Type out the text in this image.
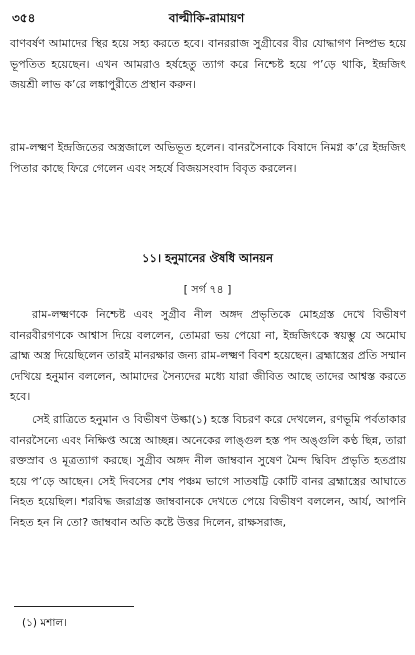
৩৫৪	বাল্মীকি-রামায়ণ

বাণবর্ষণ আমাদের স্থির হয়ে সহ্য করতে হবে। বানররাজ সুগ্রীবের বীর যোদ্ধাগণ নিষ্প্রভ হয়ে ভূপতিত হয়েছেন। এখন আমরাও হর্ষহেতু ত্যাগ করে নিশ্চেষ্ট হয়ে প’ড়ে থাকি, ইন্দ্রজিৎ জয়শ্রী লাভ ক’রে লঙ্কাপুরীতে প্রস্থান করুন।

রাম-লক্ষ্মণ ইন্দ্রজিতের অস্ত্রজালে অভিভূত হলেন। বানরসৈনাকে বিষাদে নিমগ্ন ক’রে ইন্দ্রজিৎ পিতার কাছে ফিরে গেলেন এবং সহর্ষে বিজয়সংবাদ বিবৃত করলেন।

১১। হনুমানের ঔষধি আনয়ন
[ সর্গ ৭৪ ]

রাম-লক্ষ্মণকে নিশ্চেষ্ট এবং সুগ্রীব নীল অঙ্গদ প্রভৃতিকে মোহগ্রস্ত দেখে বিভীষণ বানরবীরগণকে আশ্বাস দিয়ে বললেন, তোমরা ভয় পেয়ো না, ইন্দ্রজিৎকে স্বয়ম্ভু যে অমোঘ ব্রাহ্ম অস্ত্র দিয়েছিলেন তারই মানরক্ষার জন্য রাম-লক্ষ্মণ বিবশ হয়েছেন। ব্রহ্মাস্ত্রের প্রতি সম্মান দেখিয়ে হনুমান বললেন, আমাদের সৈন্যদের মধ্যে যারা জীবিত আছে তাদের আশ্বস্ত করতে হবে।

সেই রাত্রিতে হনুমান ও বিভীষণ উল্কা(১) হস্তে বিচরণ করে দেখলেন, রণভূমি পর্বতাকার বানরসৈন্যে এবং নিক্ষিপ্ত অস্ত্রে আচ্ছন্ন। অনেকের লাঙ্গুল হস্ত পদ অঙ্গুলি কণ্ঠ ছিন্ন, তারা রক্তস্রাব ও মূত্রত্যাগ করছে। সুগ্রীব অঙ্গদ নীল জাম্ববান সুষেণ মৈন্দ দ্বিবিদ প্রভৃতি হতপ্রায় হয়ে প’ড়ে আছেন। সেই দিবসের শেষ পঞ্চম ভাগে সাতষট্টি কোটি বানর ব্রহ্মাস্ত্রের আঘাতে নিহত হয়েছিল। শরবিদ্ধ জরাগ্রস্ত জাম্ববানকে দেখতে পেয়ে বিভীষণ বললেন, আর্য, আপনি নিহত হন নি তো? জাম্ববান অতি কষ্টে উত্তর দিলেন, রাক্ষসরাজ,

(১) মশাল।
